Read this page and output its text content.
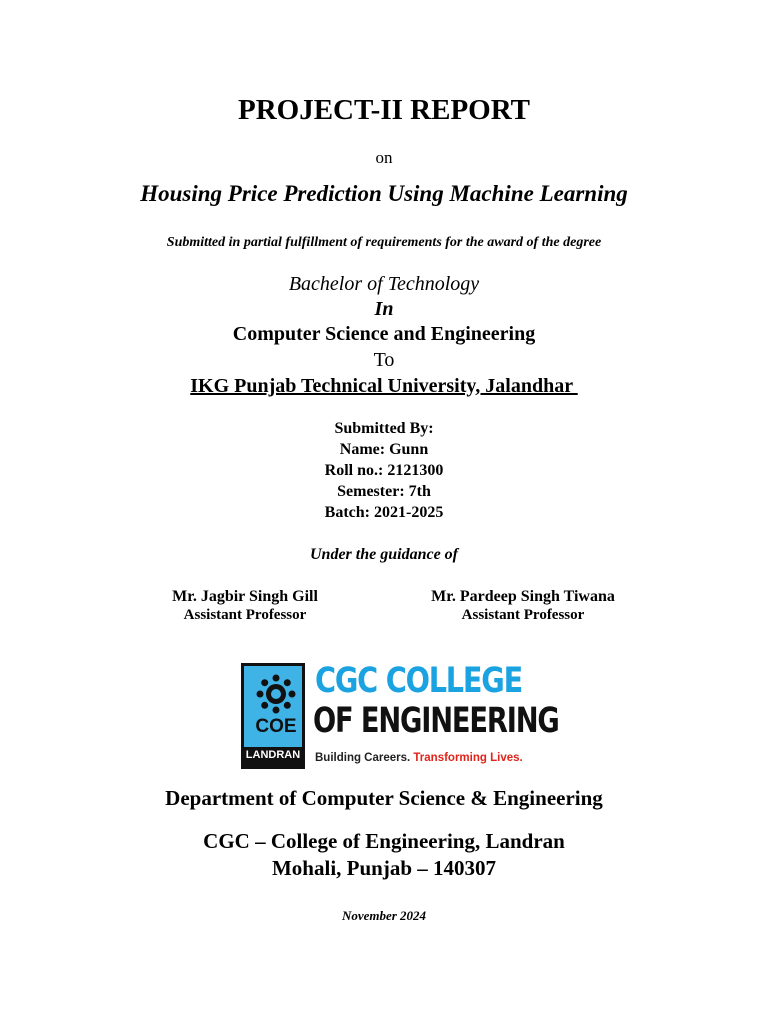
PROJECT-II REPORT
on
Housing Price Prediction Using Machine Learning
Submitted in partial fulfillment of requirements for the award of the degree
Bachelor of Technology
In
Computer Science and Engineering
To
IKG Punjab Technical University, Jalandhar
Submitted By:
Name: Gunn
Roll no.: 2121300
Semester: 7th
Batch: 2021-2025
Under the guidance of
Mr. Jagbir Singh Gill
Assistant Professor
Mr. Pardeep Singh Tiwana
Assistant Professor
COE
LANDRAN
CGC COLLEGE
OF ENGINEERING
Building Careers. Transforming Lives.
Department of Computer Science & Engineering
CGC – College of Engineering, Landran
Mohali, Punjab – 140307
November 2024
